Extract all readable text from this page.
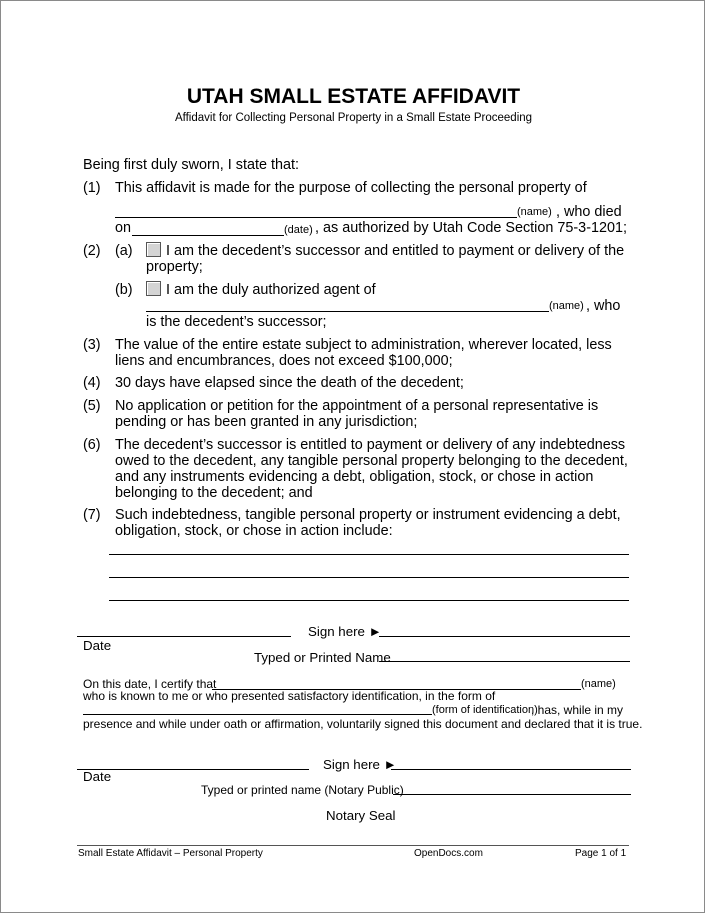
UTAH SMALL ESTATE AFFIDAVIT
Affidavit for Collecting Personal Property in a Small Estate Proceeding
Being first duly sworn, I state that:
(1) This affidavit is made for the purpose of collecting the personal property of
(name) , who died
on	(date) , as authorized by Utah Code Section 75-3-1201;
(2) (a) I am the decedent’s successor and entitled to payment or delivery of the
property;
(b) I am the duly authorized agent of
(name) , who
is the decedent’s successor;
(3) The value of the entire estate subject to administration, wherever located, less
liens and encumbrances, does not exceed $100,000;
(4) 30 days have elapsed since the death of the decedent;
(5) No application or petition for the appointment of a personal representative is
pending or has been granted in any jurisdiction;
(6) The decedent’s successor is entitled to payment or delivery of any indebtedness
owed to the decedent, any tangible personal property belonging to the decedent,
and any instruments evidencing a debt, obligation, stock, or chose in action
belonging to the decedent; and
(7) Such indebtedness, tangible personal property or instrument evidencing a debt,
obligation, stock, or chose in action include:
Sign here ►
Date
Typed or Printed Name
On this date, I certify that	(name)
who is known to me or who presented satisfactory identification, in the form of
(form of identification)
, has, while in my
presence and while under oath or affirmation, voluntarily signed this document and declared that it is true.
Sign here ►
Date
Typed or printed name (Notary Public)
Notary Seal
Small Estate Affidavit – Personal Property	OpenDocs.com	Page 1 of 1
